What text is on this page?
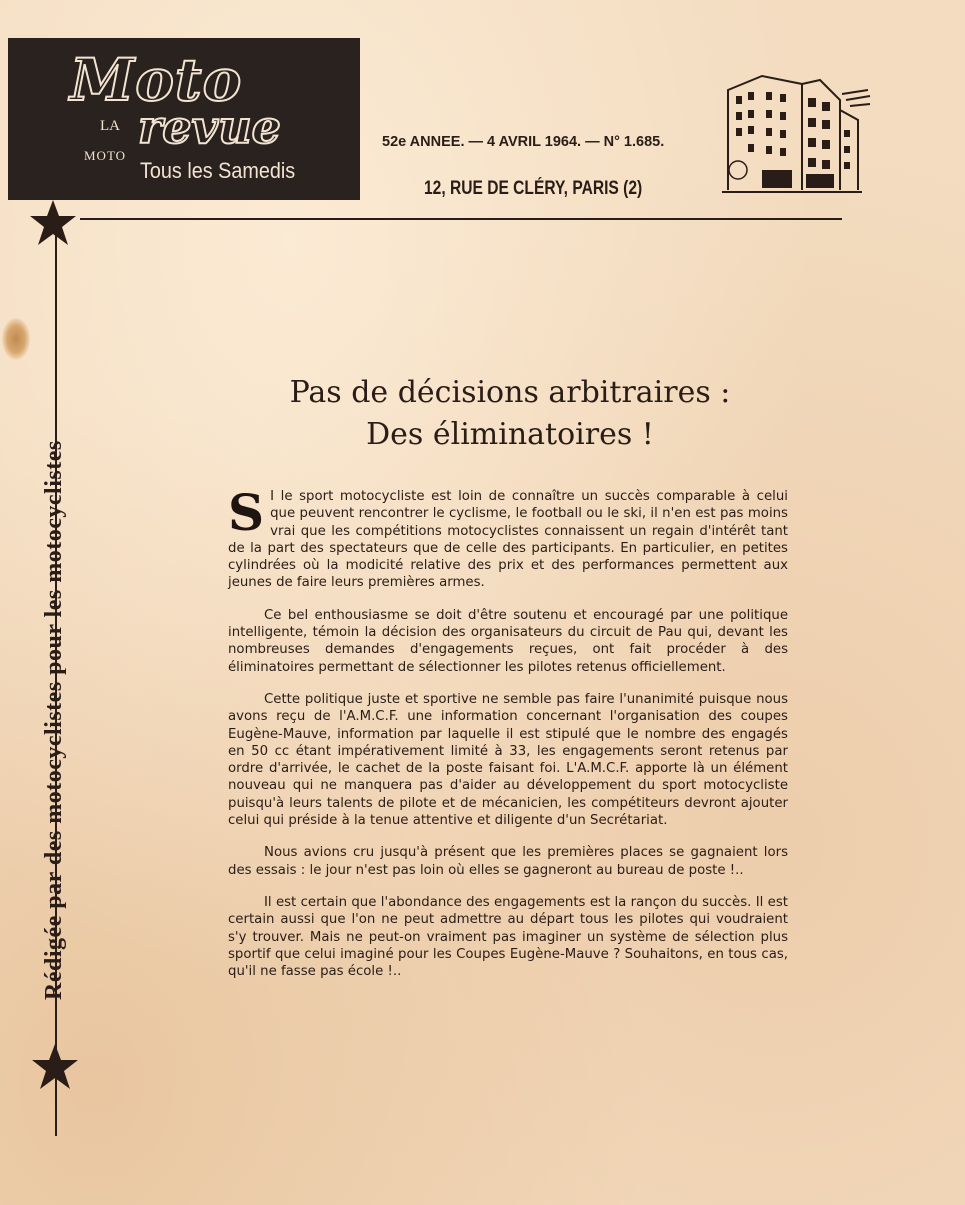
Moto
LA revue
MOTO
Tous les Samedis
52e ANNEE. — 4 AVRIL 1964. — N° 1.685.
12, RUE DE CLÉRY, PARIS (2)
Rédigée par des motocyclistes pour les motocyclistes
Pas de décisions arbitraires :
Des éliminatoires !

S I le sport motocycliste est loin de connaître un succès comparable à celui que peuvent rencontrer le cyclisme, le football ou le ski, il n'en est pas moins vrai que les compétitions motocyclistes connaissent un regain d'intérêt tant de la part des spectateurs que de celle des participants. En particulier, en petites cylindrées où la modicité relative des prix et des performances permettent aux jeunes de faire leurs premières armes.

Ce bel enthousiasme se doit d'être soutenu et encouragé par une politique intelligente, témoin la décision des organisateurs du circuit de Pau qui, devant les nombreuses demandes d'engagements reçues, ont fait procéder à des éliminatoires permettant de sélectionner les pilotes retenus officiellement.

Cette politique juste et sportive ne semble pas faire l'unanimité puisque nous avons reçu de l'A.M.C.F. une information concernant l'organisation des coupes Eugène-Mauve, information par laquelle il est stipulé que le nombre des engagés en 50 cc étant impérativement limité à 33, les engagements seront retenus par ordre d'arrivée, le cachet de la poste faisant foi. L'A.M.C.F. apporte là un élément nouveau qui ne manquera pas d'aider au développement du sport motocycliste puisqu'à leurs talents de pilote et de mécanicien, les compétiteurs devront ajouter celui qui préside à la tenue attentive et diligente d'un Secrétariat.

Nous avions cru jusqu'à présent que les premières places se gagnaient lors des essais : le jour n'est pas loin où elles se gagneront au bureau de poste !..

Il est certain que l'abondance des engagements est la rançon du succès. Il est certain aussi que l'on ne peut admettre au départ tous les pilotes qui voudraient s'y trouver. Mais ne peut-on vraiment pas imaginer un système de sélection plus sportif que celui imaginé pour les Coupes Eugène-Mauve ? Souhaitons, en tous cas, qu'il ne fasse pas école !..
